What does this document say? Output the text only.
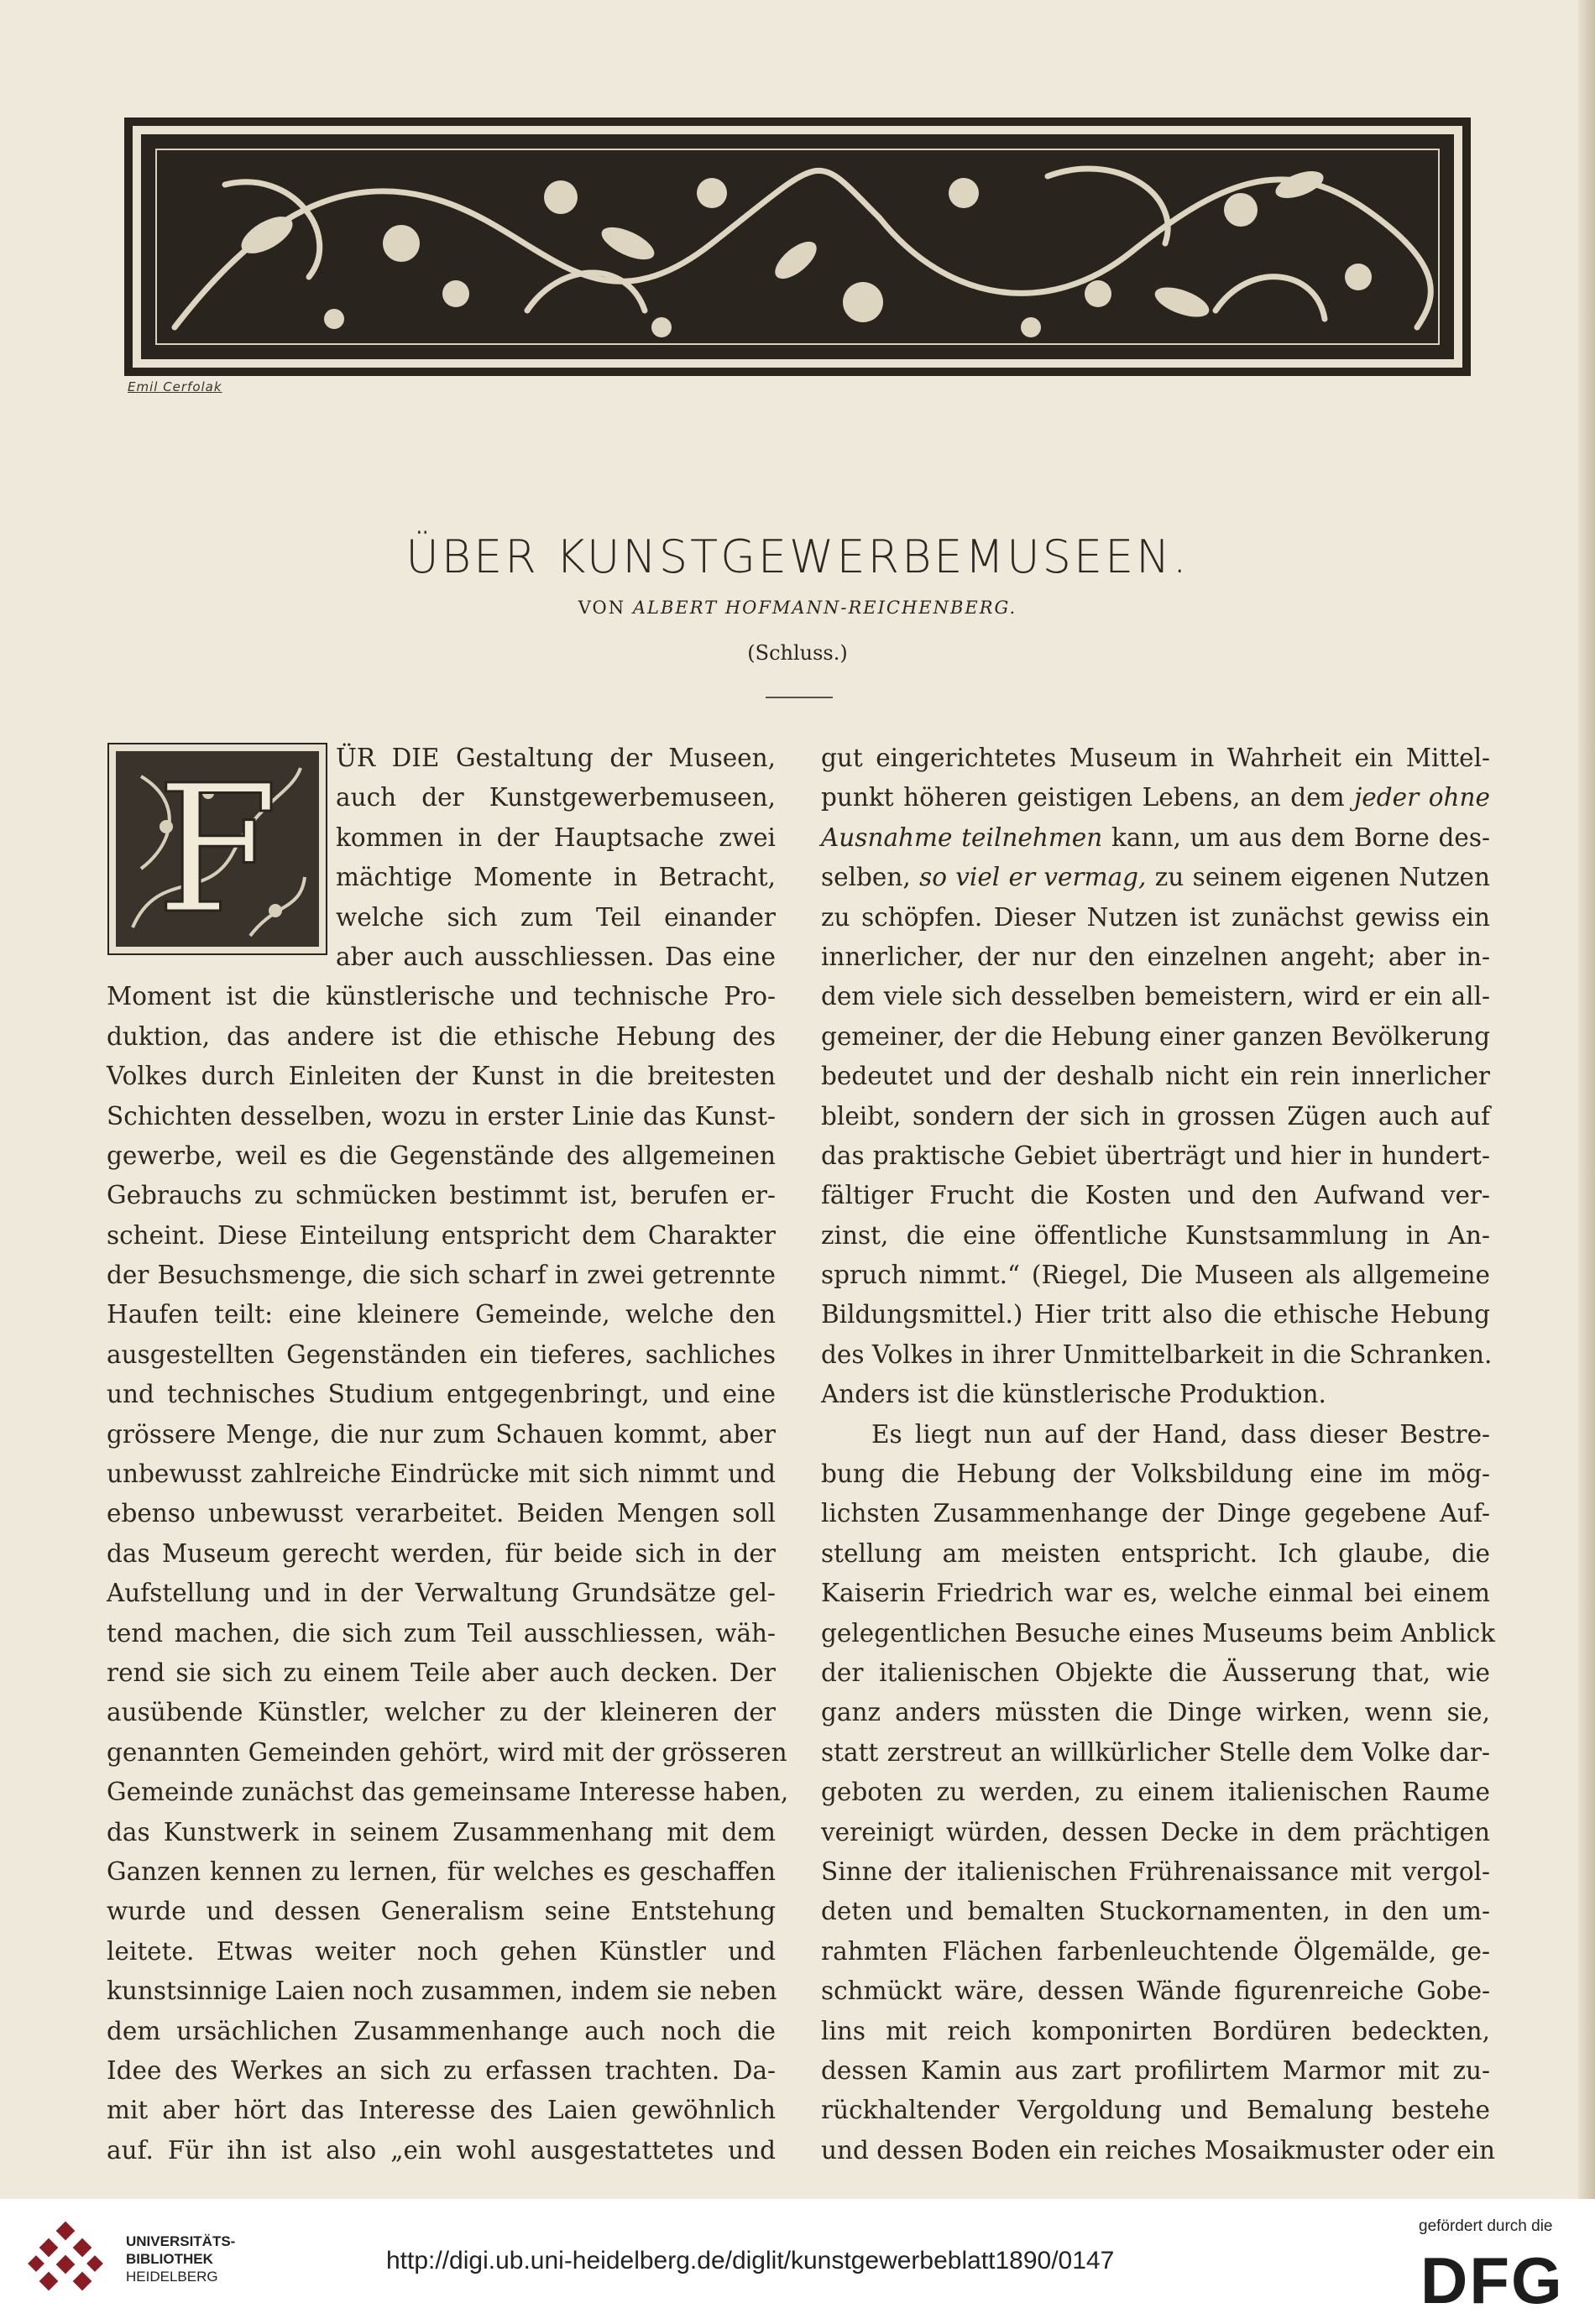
Emil Cerfolak
ÜBER KUNSTGEWERBEMUSEEN.
VON ALBERT HOFMANN-REICHENBERG.
(Schluss.)
F ÜR DIE Gestaltung der Museen,
auch der Kunstgewerbemuseen,
kommen in der Hauptsache zwei
mächtige Momente in Betracht,
welche sich zum Teil einander
aber auch ausschliessen. Das eine
Moment ist die künstlerische und technische Pro-
duktion, das andere ist die ethische Hebung des
Volkes durch Einleiten der Kunst in die breitesten
Schichten desselben, wozu in erster Linie das Kunst-
gewerbe, weil es die Gegenstände des allgemeinen
Gebrauchs zu schmücken bestimmt ist, berufen er-
scheint. Diese Einteilung entspricht dem Charakter
der Besuchsmenge, die sich scharf in zwei getrennte
Haufen teilt: eine kleinere Gemeinde, welche den
ausgestellten Gegenständen ein tieferes, sachliches
und technisches Studium entgegenbringt, und eine
grössere Menge, die nur zum Schauen kommt, aber
unbewusst zahlreiche Eindrücke mit sich nimmt und
ebenso unbewusst verarbeitet. Beiden Mengen soll
das Museum gerecht werden, für beide sich in der
Aufstellung und in der Verwaltung Grundsätze gel-
tend machen, die sich zum Teil ausschliessen, wäh-
rend sie sich zu einem Teile aber auch decken. Der
ausübende Künstler, welcher zu der kleineren der
genannten Gemeinden gehört, wird mit der grösseren
Gemeinde zunächst das gemeinsame Interesse haben,
das Kunstwerk in seinem Zusammenhang mit dem
Ganzen kennen zu lernen, für welches es geschaffen
wurde und dessen Generalism seine Entstehung
leitete. Etwas weiter noch gehen Künstler und
kunstsinnige Laien noch zusammen, indem sie neben
dem ursächlichen Zusammenhange auch noch die
Idee des Werkes an sich zu erfassen trachten. Da-
mit aber hört das Interesse des Laien gewöhnlich
auf. Für ihn ist also „ein wohl ausgestattetes und
gut eingerichtetes Museum in Wahrheit ein Mittel-
punkt höheren geistigen Lebens, an dem jeder ohne
Ausnahme teilnehmen kann, um aus dem Borne des-
selben, so viel er vermag, zu seinem eigenen Nutzen
zu schöpfen. Dieser Nutzen ist zunächst gewiss ein
innerlicher, der nur den einzelnen angeht; aber in-
dem viele sich desselben bemeistern, wird er ein all-
gemeiner, der die Hebung einer ganzen Bevölkerung
bedeutet und der deshalb nicht ein rein innerlicher
bleibt, sondern der sich in grossen Zügen auch auf
das praktische Gebiet überträgt und hier in hundert-
fältiger Frucht die Kosten und den Aufwand ver-
zinst, die eine öffentliche Kunstsammlung in An-
spruch nimmt.“ (Riegel, Die Museen als allgemeine
Bildungsmittel.) Hier tritt also die ethische Hebung
des Volkes in ihrer Unmittelbarkeit in die Schranken.
Anders ist die künstlerische Produktion.
Es liegt nun auf der Hand, dass dieser Bestre-
bung die Hebung der Volksbildung eine im mög-
lichsten Zusammenhange der Dinge gegebene Auf-
stellung am meisten entspricht. Ich glaube, die
Kaiserin Friedrich war es, welche einmal bei einem
gelegentlichen Besuche eines Museums beim Anblick
der italienischen Objekte die Äusserung that, wie
ganz anders müssten die Dinge wirken, wenn sie,
statt zerstreut an willkürlicher Stelle dem Volke dar-
geboten zu werden, zu einem italienischen Raume
vereinigt würden, dessen Decke in dem prächtigen
Sinne der italienischen Frührenaissance mit vergol-
deten und bemalten Stuckornamenten, in den um-
rahmten Flächen farbenleuchtende Ölgemälde, ge-
schmückt wäre, dessen Wände figurenreiche Gobe-
lins mit reich komponirten Bordüren bedeckten,
dessen Kamin aus zart profilirtem Marmor mit zu-
rückhaltender Vergoldung und Bemalung bestehe
und dessen Boden ein reiches Mosaikmuster oder ein
UNIVERSITÄTS-
BIBLIOTHEK
HEIDELBERG
http://digi.ub.uni-heidelberg.de/diglit/kunstgewerbeblatt1890/0147
gefördert durch die
DFG
